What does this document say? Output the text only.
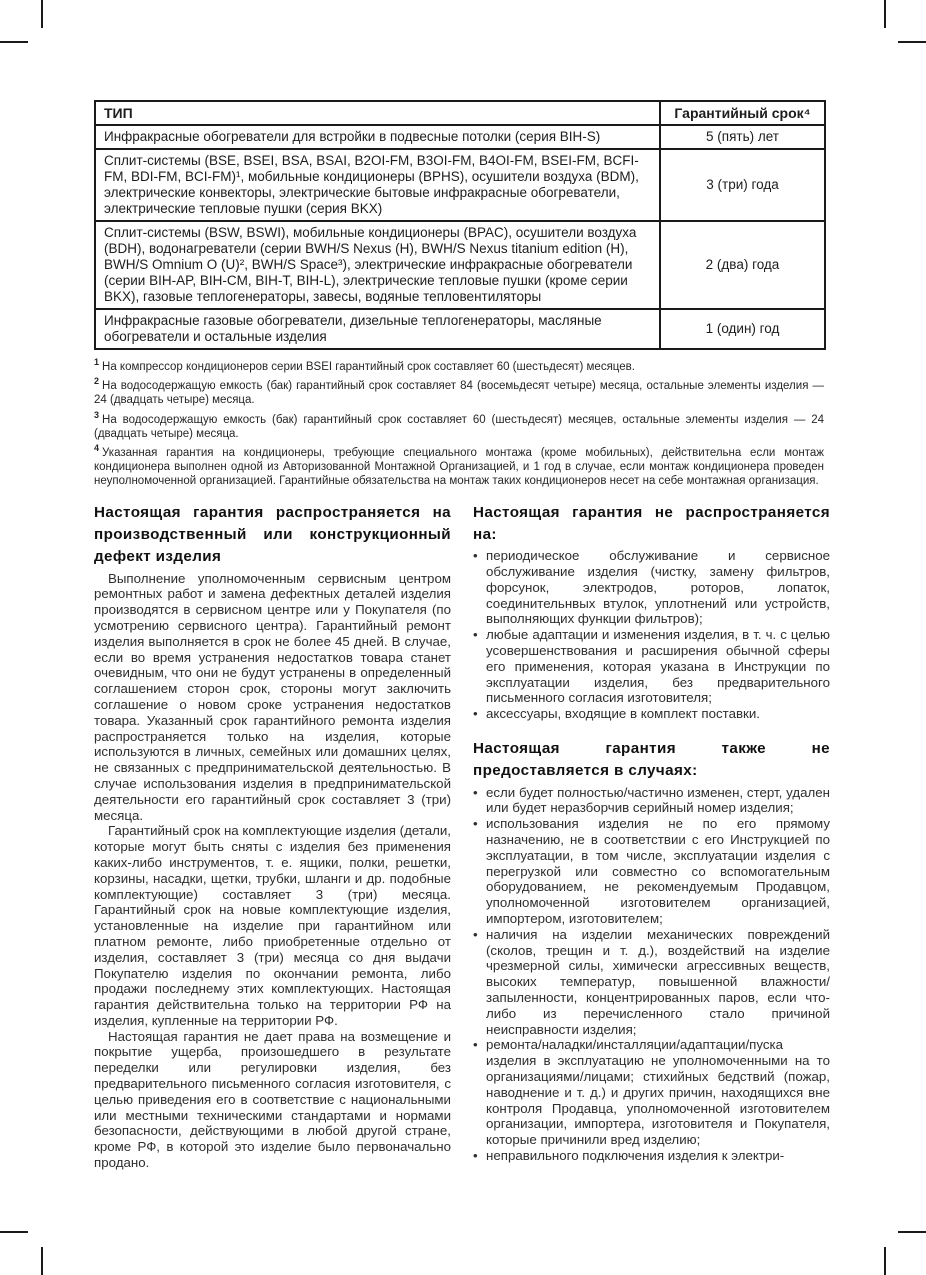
ТИП	Гарантийный срок⁴
Инфракрасные обогреватели для встройки в подвесные потолки (серия BIH-S)	5 (пять) лет
Сплит-системы (BSE, BSEI, BSA, BSAI, B2OI-FM, B3OI-FM, B4OI-FM, BSEI-FM, BCFI-FM, BDI-FM, BCI-FM)¹, мобильные кондиционеры (BPHS), осушители воздуха (BDM), электрические конвекторы, электрические бытовые инфракрасные обогреватели, электрические тепловые пушки (серия BKX)	3 (три) года
Сплит-системы (BSW, BSWI), мобильные кондиционеры (BPAC), осушители воздуха (BDH), водонагреватели (серии BWH/S Nexus (H), BWH/S Nexus titanium edition (H), BWH/S Omnium O (U)², BWH/S Space³), электрические инфракрасные обогреватели (серии BIH-AP, BIH-CM, BIH-T, BIH-L), электрические тепловые пушки (кроме серии BKX), газовые теплогенераторы, завесы, водяные тепловентиляторы	2 (два) года
Инфракрасные газовые обогреватели, дизельные теплогенераторы, масляные обогреватели и остальные изделия	1 (один) год
$^1$ На компрессор кондиционеров серии BSEI гарантийный срок составляет 60 (шестьдесят) месяцев.
$^2$ На водосодержащую емкость (бак) гарантийный срок составляет 84 (восемьдесят четыре) месяца, остальные элементы изделия — 24 (двадцать четыре) месяца.
$^3$ На водосодержащую емкость (бак) гарантийный срок составляет 60 (шестьдесят) месяцев, остальные элементы изделия — 24 (двадцать четыре) месяца.
$^4$ Указанная гарантия на кондиционеры, требующие специального монтажа (кроме мобильных), действительна если монтаж кондиционера выполнен одной из Авторизованной Монтажной Организацией, и 1 год в случае, если монтаж кондиционера проведен неуполномоченной организацией. Гарантийные обязательства на монтаж таких кондиционеров несет на себе монтажная организация.
Настоящая гарантия распространяется на производственный или конструкционный дефект изделия

Выполнение уполномоченным сервисным центром ремонтных работ и замена дефектных деталей изделия производятся в сервисном центре или у Покупателя (по усмотрению сервисного центра). Гарантийный ремонт изделия выполняется в срок не более 45 дней. В случае, если во время устранения недостатков товара станет очевидным, что они не будут устранены в определенный соглашением сторон срок, стороны могут заключить соглашение о новом сроке устранения недостатков товара. Указанный срок гарантийного ремонта изделия распространяется только на изделия, которые используются в личных, семейных или домашних целях, не связанных с предпринимательской деятельностью. В случае использования изделия в предпринимательской деятельности его гарантийный срок составляет 3 (три) месяца.

Гарантийный срок на комплектующие изделия (детали, которые могут быть сняты с изделия без применения каких-либо инструментов, т. е. ящики, полки, решетки, корзины, насадки, щетки, трубки, шланги и др. подобные комплектующие) составляет 3 (три) месяца. Гарантийный срок на новые комплектующие изделия, установленные на изделие при гарантийном или платном ремонте, либо приобретенные отдельно от изделия, составляет 3 (три) месяца со дня выдачи Покупателю изделия по окончании ремонта, либо продажи последнему этих комплектующих. Настоящая гарантия действительна только на территории РФ на изделия, купленные на территории РФ.

Настоящая гарантия не дает права на возмещение и покрытие ущерба, произошедшего в результате переделки или регулировки изделия, без предварительного письменного согласия изготовителя, с целью приведения его в соответствие с национальными или местными техническими стандартами и нормами безопасности, действующими в любой другой стране, кроме РФ, в которой это изделие было первоначально продано.

Настоящая гарантия не распространяется на:
• периодическое обслуживание и сервисное обслуживание изделия (чистку, замену фильтров, форсунок, электродов, роторов, лопаток, соединительнвых втулок, уплотнений или устройств, выполняющих функции фильтров);
• любые адаптации и изменения изделия, в т. ч. с целью усовершенствования и расширения обычной сферы его применения, которая указана в Инструкции по эксплуатации изделия, без предварительного письменного согласия изготовителя;
• аксессуары, входящие в комплект поставки.
Настоящая гарантия также не предоставляется в случаях:
• если будет полностью/частично изменен, стерт, удален или будет неразборчив серийный номер изделия;
• использования изделия не по его прямому назначению, не в соответствии с его Инструкцией по эксплуатации, в том числе, эксплуатации изделия с перегрузкой или совместно со вспомогательным оборудованием, не рекомендуемым Продавцом, уполномоченной изготовителем организацией, импортером, изготовителем;
• наличия на изделии механических повреждений (сколов, трещин и т. д.), воздействий на изделие чрезмерной силы, химически агрессивных веществ, высоких температур, повышенной влажности/запыленности, концентрированных паров, если что-либо из перечисленного стало причиной неисправности изделия;
• ремонта/наладки/инсталляции/адаптации/пуска изделия в эксплуатацию не уполномоченными на то организациями/лицами; стихийных бедствий (пожар, наводнение и т. д.) и других причин, находящихся вне контроля Продавца, уполномоченной изготовителем организации, импортера, изготовителя и Покупателя, которые причинили вред изделию;
• неправильного подключения изделия к электри-
